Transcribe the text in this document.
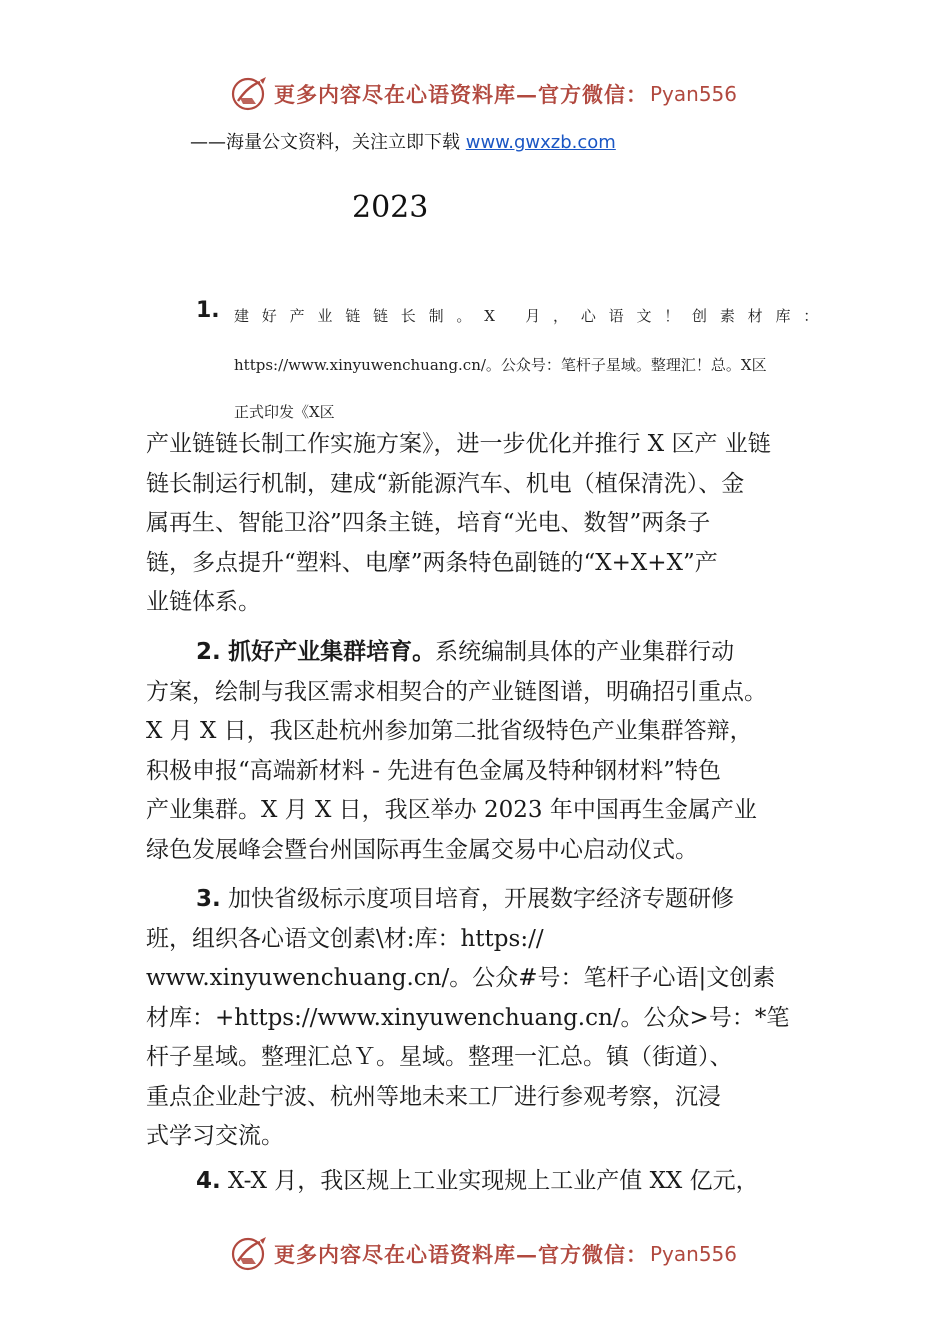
更多内容尽在心语资料库—官方微信： Pyan556
——海量公文资料，关注立即下载 www.gwxzb.com
2023
1. 建好产业链链长制。X 月，心语文！创素材库：
https://www.xinyuwenchuang.cn/。公众号：笔杆子星域。整理汇！总。X区
正式印发《X区
产业链链长制工作实施方案》，进一步优化并推行 X 区产 业链
链长制运行机制，建成“新能源汽车、机电（植保清洗）、金
属再生、智能卫浴”四条主链，培育“光电、数智”两条子
链，多点提升“塑料、电摩”两条特色副链的“X+X+X”产
业链体系。
2. 抓好产业集群培育。系统编制具体的产业集群行动
方案，绘制与我区需求相契合的产业链图谱，明确招引重点。
X 月 X 日，我区赴杭州参加第二批省级特色产业集群答辩，
积极申报“高端新材料 - 先进有色金属及特种钢材料”特色
产业集群。X 月 X 日，我区举办 2023 年中国再生金属产业
绿色发展峰会暨台州国际再生金属交易中心启动仪式。
3. 加快省级标示度项目培育，开展数字经济专题研修
班，组织各心语文创素\材:库：https://
www.xinyuwenchuang.cn/。公众#号：笔杆子心语|文创素
材库：+https://www.xinyuwenchuang.cn/。公众>号：*笔
杆子星域。整理汇总Ｙ。星域。整理一汇总。镇（街道）、
重点企业赴宁波、杭州等地未来工厂进行参观考察，沉浸
式学习交流。
4. X-X 月，我区规上工业实现规上工业产值 XX 亿元，
更多内容尽在心语资料库—官方微信： Pyan556
